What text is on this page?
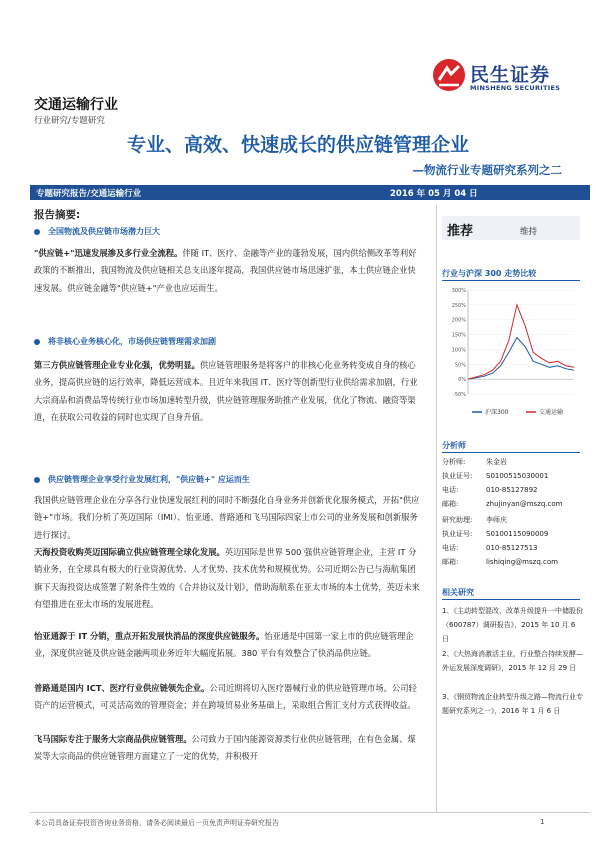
民生证券
MINSHENG SECURITIES
交通运输行业
行业研究/专题研究
专业、高效、快速成长的供应链管理企业
—物流行业专题研究系列之二
专题研究报告/交通运输行业	2016 年 05 月 04 日
报告摘要:
全国物流及供应链市场潜力巨大
"供应链+"迅速发展渗及多行业全流程。伴随 IT、医疗、金融等产业的蓬勃发展，国内供给侧改革等利好政策的不断推出，我国物流及供应链相关总支出逐年提高，我国供应链市场迅速扩张，本土供应链企业快速发展。供应链金融等"供应链+"产业也应运而生。
将非核心业务核心化，市场供应链管理需求加剧
第三方供应链管理企业专业化强，优势明显。供应链管理服务是将客户的非核心化业务转变成自身的核心业务，提高供应链的运行效率，降低运营成本。且近年来我国 IT、医疗等创新型行业供给需求加剧，行业大宗商品和消费品等传统行业市场加速转型升级，供应链管理服务助推产业发展，优化了物流、融资等渠道，在获取公司收益的同时也实现了自身升值。
供应链管理企业享受行业发展红利，"供应链+" 应运而生
我国供应链管理企业在分享各行业快速发展红利的同时不断强化自身业务并创新优化服务模式，开拓"供应链+"市场。我们分析了英迈国际（IMI）、怡亚通、普路通和飞马国际四家上市公司的业务发展和创新服务进行探讨。
天海投资收购英迈国际确立供应链管理全球化发展。英迈国际是世界 500 强供应链管理企业，主营 IT 分销业务，在全球具有极大的行业资源优势、人才优势、技术优势和规模优势。公司近期公告已与海航集团旗下天海投资达成签署了附条件生效的《合并协议及计划》，借助海航系在亚太市场的本土优势，英迈未来有望推进在亚太市场的发展进程。
怡亚通源于 IT 分销，重点开拓发展快消品的深度供应链服务。怡亚通是中国第一家上市的供应链管理企业，深度供应链及供应链金融两项业务近年大幅度拓展。380 平台有效整合了快消品供应链。
普路通是国内 ICT、医疗行业供应链领先企业。公司近期将切入医疗器械行业的供应链管理市场。公司轻资产的运营模式，可灵活高效的管理资金；并在跨境贸易业务基础上，采取组合售汇支付方式获得收益。
飞马国际专注于服务大宗商品供应链管理。公司致力于国内能源资源类行业供应链管理，在有色金属、煤炭等大宗商品的供应链管理方面建立了一定的优势，并积极开
推荐	维持
行业与沪深 300 走势比较
300%
250%
200%
150%
100%
50%
0%
-50%
沪深300	交通运输
分析师
分析师:	朱金岩
执业证号: S0100515030001
电话:	010-85127892
邮箱:	zhujinyan@mszq.com
研究助理: 李师庆
执业证号: S0100115090009
电话:	010-85127513
邮箱:	lishiqing@mszq.com
相关研究
1、《主动转型混改，改革升级提升一中储股份（600787）调研报告》，2015 年 10 月 6 日
2、《大热海消激活主业，行业整合持续发酵—外运发展深度调研》，2015 年 12 月 29 日
3、《钢贸物流企业转型升级之路—物流行业专题研究系列之一》，2016 年 1 月 6 日
本公司具备证券投资咨询业务资格，请务必阅读最后一页免责声明证券研究报告	1
